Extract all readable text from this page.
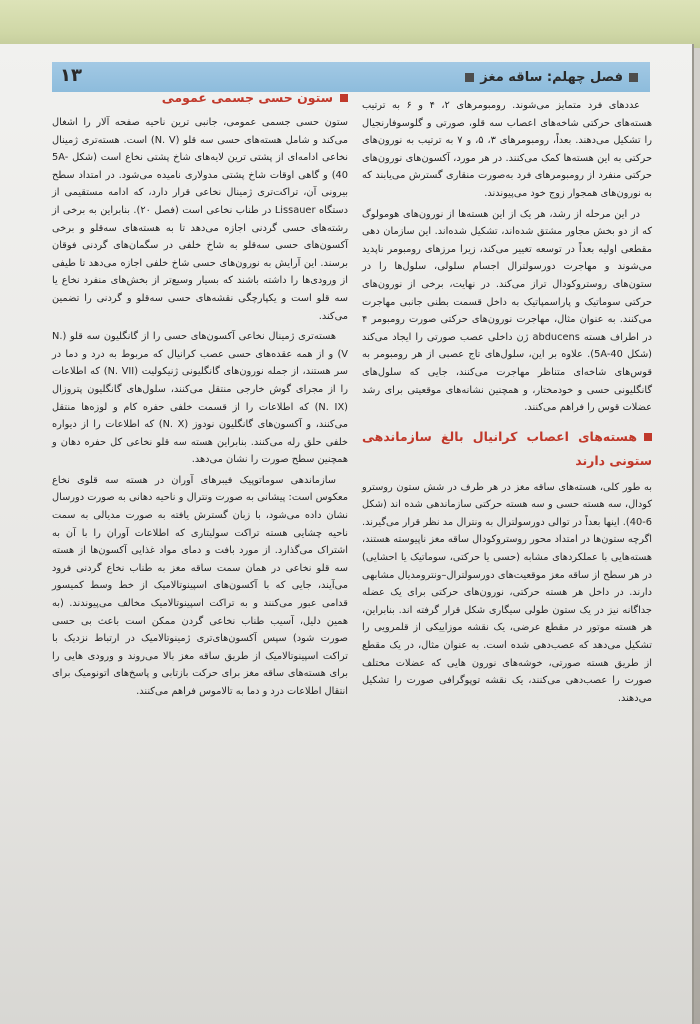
۱۳	فصل چهلم: ساقه مغز

عددهای فرد متمایز می‌شوند. رومبومرهای ۲، ۴ و ۶ به ترتیب هسته‌های حرکتی شاخه‌های اعصاب سه قلو، صورتی و گلوسوفارنجیال را تشکیل می‌دهند. بعداً، رومبومرهای ۳، ۵، و ۷ به ترتیب به نورون‌های حرکتی به این هسته‌ها کمک می‌کنند. در هر مورد، آکسون‌های نورون‌های حرکتی منفرد از رومبومرهای فرد به‌صورت منقاری گسترش می‌یابند که به نورون‌های همجوار زوج خود می‌پیوندند.

در این مرحله از رشد، هر یک از این هسته‌ها از نورون‌های هومولوگ که از دو بخش مجاور مشتق شده‌اند، تشکیل شده‌اند. این سازمان دهی مقطعی اولیه بعداً در توسعه تغییر می‌کند، زیرا مرزهای رومبومر ناپدید می‌شوند و مهاجرت دورسولترال اجسام سلولی، سلول‌ها را در ستون‌های روستروکودال تراز می‌کند. در نهایت، برخی از نورون‌های حرکتی سوماتیک و پاراسمپاتیک به داخل قسمت بطنی جانبی مهاجرت می‌کنند. به عنوان مثال، مهاجرت نورون‌های حرکتی صورت رومبومر ۴ در اطراف هسته abducens ژن داخلی عصب صورتی را ایجاد می‌کند (شکل 5A-40). علاوه بر این، سلول‌های تاج عصبی از هر رومبومر به قوس‌های شاخه‌ای متناظر مهاجرت می‌کنند، جایی که سلول‌های گانگلیونی حسی و خودمختار، و همچنین نشانه‌های موقعیتی برای رشد عضلات قوس را فراهم می‌کنند.

هسته‌های اعصاب کرانیال بالغ سازماندهی ستونی دارند

به طور کلی، هسته‌های ساقه مغز در هر طرف در شش ستون روسترو کودال، سه هسته حسی و سه هسته حرکتی سازماندهی شده اند (شکل 6-40). اینها بعداً در توالی دورسولترال به ونترال مد نظر قرار می‌گیرند. اگرچه ستون‌ها در امتداد محور روستروکودال ساقه مغز ناپیوسته هستند، هسته‌هایی با عملکردهای مشابه (حسی یا حرکتی، سوماتیک یا احشایی) در هر سطح از ساقه مغز موقعیت‌های دورسولترال–ونترومدیال مشابهی دارند. در داخل هر هسته حرکتی، نورون‌های حرکتی برای یک عضله جداگانه نیز در یک ستون طولی سیگاری شکل قرار گرفته اند. بنابراین، هر هسته موتور در مقطع عرضی، یک نقشه موزاییکی از قلمرویی را تشکیل می‌دهد که عصب‌دهی شده است. به عنوان مثال، در یک مقطع از طریق هسته صورتی، خوشه‌های نورون هایی که عضلات مختلف صورت را عصب‌دهی می‌کنند، یک نقشه توپوگرافی صورت را تشکیل می‌دهند.

ستون حسی جسمی عمومی

ستون حسی جسمی عمومی، جانبی ترین ناحیه صفحه آلار را اشغال می‌کند و شامل هسته‌های حسی سه قلو (N. V) است. هسته‌تری ژمینال نخاعی ادامه‌ای از پشتی ترین لایه‌های شاخ پشتی نخاع است (شکل 5A-40) و گاهی اوقات شاخ پشتی مدولاری نامیده می‌شود. در امتداد سطح بیرونی آن، تراکت‌تری ژمینال نخاعی قرار دارد، که ادامه مستقیمی از دستگاه Lissauer در طناب نخاعی است (فصل ۲۰). بنابراین به برخی از رشته‌های حسی گردنی اجازه می‌دهد تا به هسته‌های سه‌قلو و برخی آکسون‌های حسی سه‌قلو به شاخ خلفی در سگمان‌های گردنی فوقان برسند. این آرایش به نورون‌های حسی شاخ خلفی اجازه می‌دهد تا طیفی از ورودی‌ها را داشته باشند که بسیار وسیع‌تر از بخش‌های منفرد نخاع یا سه قلو است و یکپارچگی نقشه‌های حسی سه‌قلو و گردنی را تضمین می‌کند.

هسته‌تری ژمینال نخاعی آکسون‌های حسی را از گانگلیون سه قلو (N. V) و از همه عقده‌های حسی عصب کرانیال که مربوط به درد و دما در سر هستند، از جمله نورون‌های گانگلیونی ژنیکولیت (N. VII) که اطلاعات را از مجرای گوش خارجی منتقل می‌کنند، سلول‌های گانگلیون پتروزال (N. IX) که اطلاعات را از قسمت خلفی حفره کام و لوزه‌ها منتقل می‌کنند، و آکسون‌های گانگلیون نودوز (N. X) که اطلاعات را از دیواره خلفی حلق رله می‌کنند. بنابراین هسته سه قلو نخاعی کل حفره دهان و همچنین سطح صورت را نشان می‌دهد.

سازماندهی سوماتوپیک فیبرهای آوران در هسته سه قلوی نخاع معکوس است: پیشانی به صورت ونترال و ناحیه دهانی به صورت دورسال نشان داده می‌شود، با زبان گسترش یافته به صورت مدیالی به سمت ناحیه چشایی هسته تراکت سولیتاری که اطلاعات آوران را با آن به اشتراک می‌گذارد. از مورد بافت و دمای مواد غذایی آکسون‌ها از هسته سه قلو نخاعی در همان سمت ساقه مغز به طناب نخاع گردنی فرود می‌آیند، جایی که با آکسون‌های اسپینوتالامیک از خط وسط کمیسور قدامی عبور می‌کنند و به تراکت اسپینوتالامیک مخالف می‌پیوندند. (به همین دلیل، آسیب طناب نخاعی گردن ممکن است باعث بی حسی صورت شود) سپس آکسون‌های‌تری ژمینوتالامیک در ارتباط نزدیک با تراکت اسپینوتالامیک از طریق ساقه مغز بالا می‌روند و ورودی هایی را برای هسته‌های ساقه مغز برای حرکت بازتابی و پاسخ‌های اتونومیک برای انتقال اطلاعات درد و دما به تالاموس فراهم می‌کنند.
